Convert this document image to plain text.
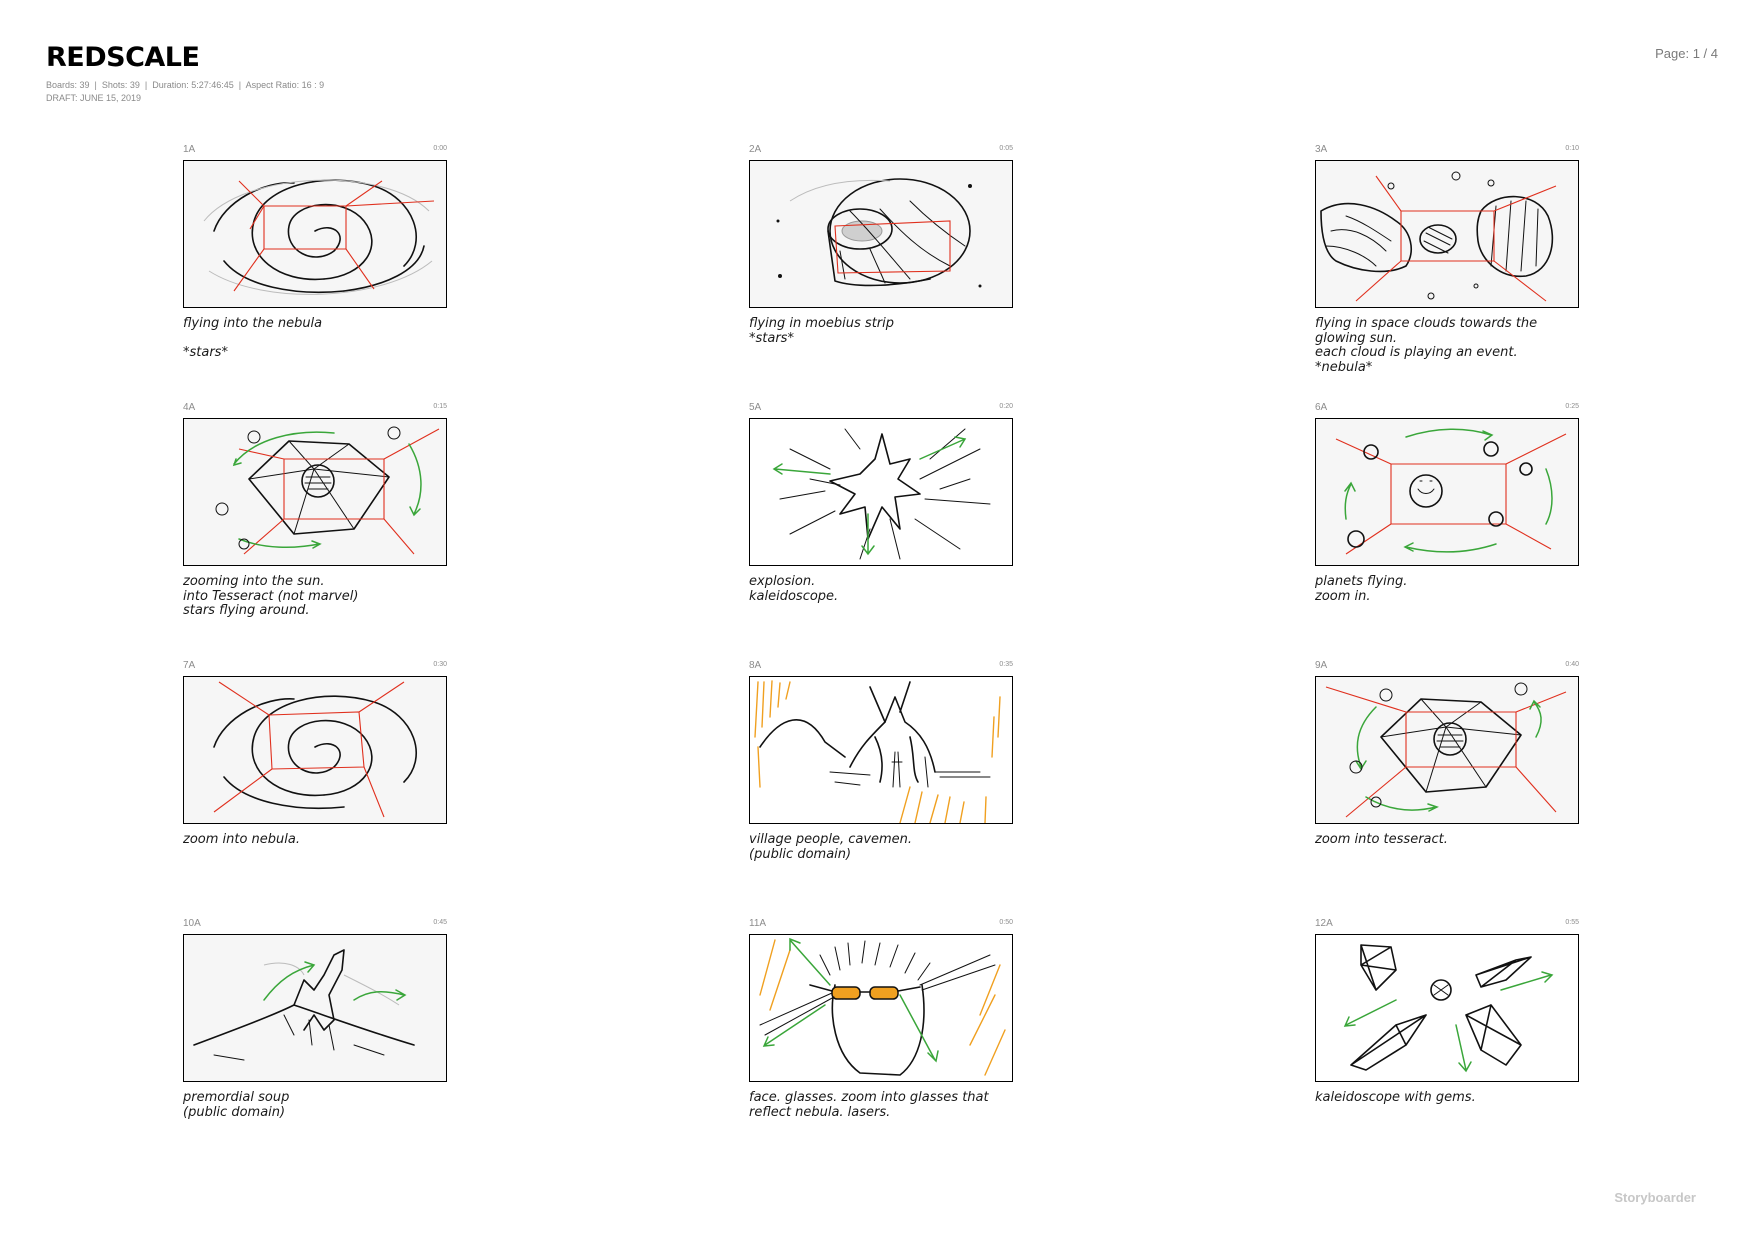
REDSCALE
Boards: 39  |  Shots: 39  |  Duration: 5:27:46:45  |  Aspect Ratio: 16 : 9
DRAFT: JUNE 15, 2019
Page: 1 / 4
1A	0:00
flying into the nebula

*stars*
2A	0:05
flying in moebius strip
*stars*
3A	0:10
flying in space clouds towards the
glowing sun.
each cloud is playing an event.
*nebula*
4A	0:15
zooming into the sun.
into Tesseract (not marvel)
stars flying around.
5A	0:20
explosion.
kaleidoscope.
6A	0:25
planets flying.
zoom in.
7A	0:30
zoom into nebula.
8A	0:35
village people, cavemen.
(public domain)
9A	0:40
zoom into tesseract.
10A	0:45
premordial soup
(public domain)
11A	0:50
face. glasses. zoom into glasses that
reflect nebula. lasers.
12A	0:55
kaleidoscope with gems.
Storyboarder
